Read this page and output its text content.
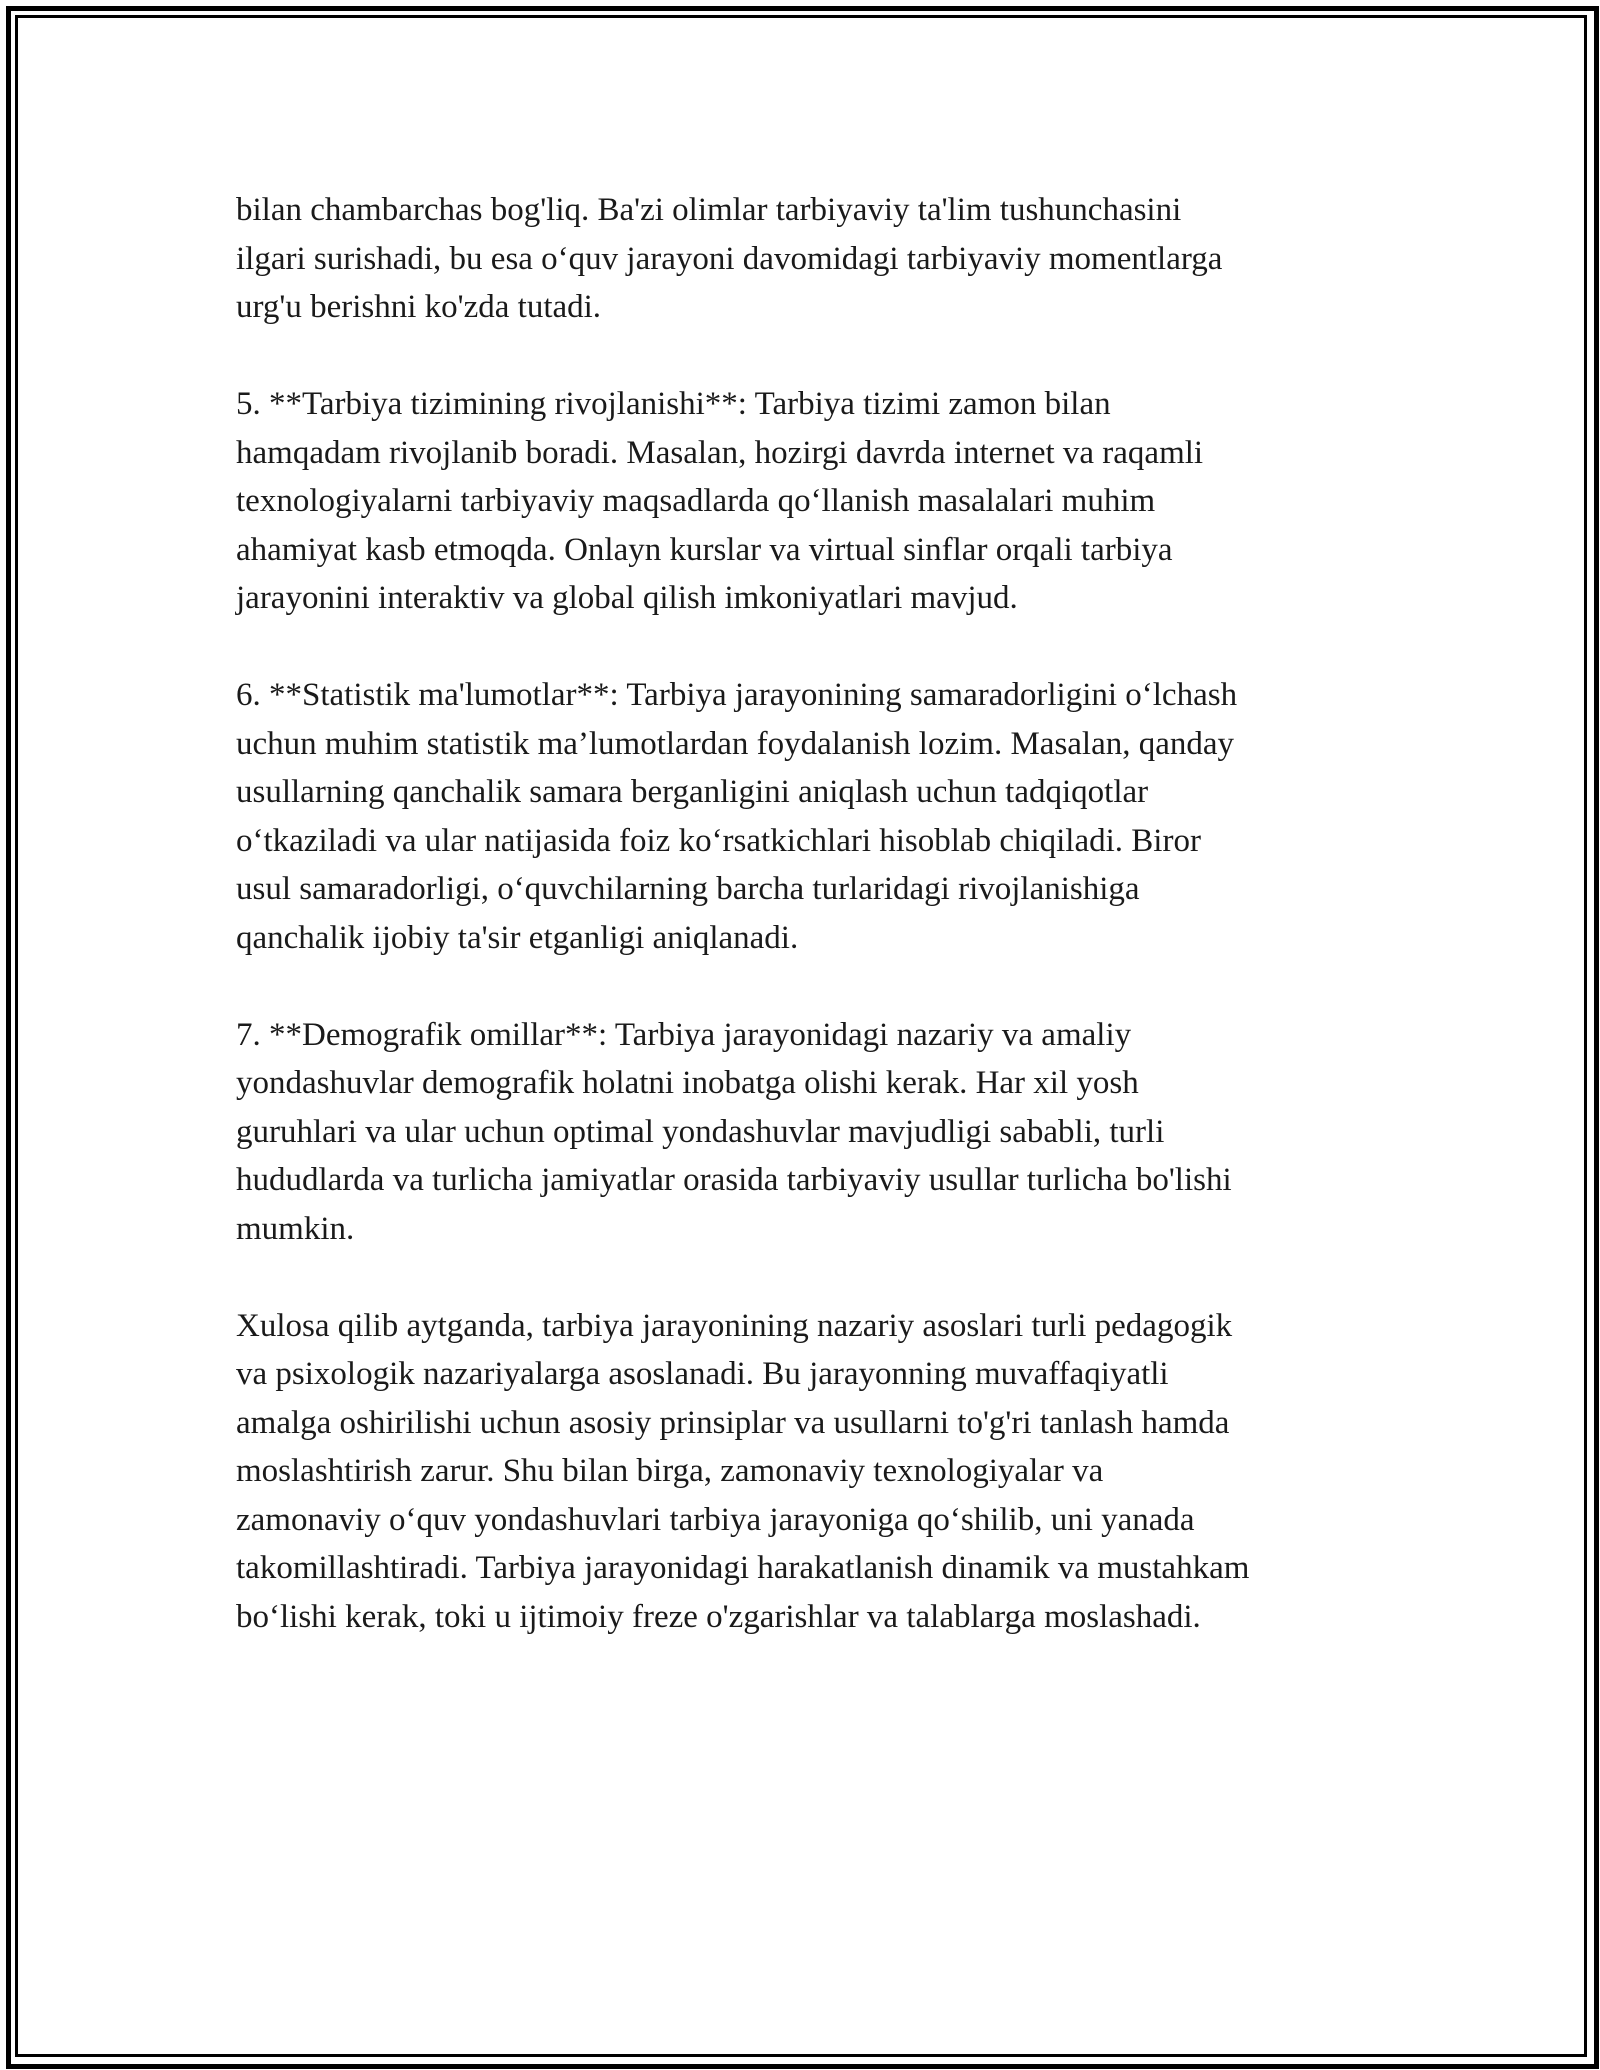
bilan chambarchas bog'liq. Ba'zi olimlar tarbiyaviy ta'lim tushunchasini
ilgari surishadi, bu esa o‘quv jarayoni davomidagi tarbiyaviy momentlarga
urg'u berishni ko'zda tutadi.

5. **Tarbiya tizimining rivojlanishi**: Tarbiya tizimi zamon bilan
hamqadam rivojlanib boradi. Masalan, hozirgi davrda internet va raqamli
texnologiyalarni tarbiyaviy maqsadlarda qo‘llanish masalalari muhim
ahamiyat kasb etmoqda. Onlayn kurslar va virtual sinflar orqali tarbiya
jarayonini interaktiv va global qilish imkoniyatlari mavjud.

6. **Statistik ma'lumotlar**: Tarbiya jarayonining samaradorligini o‘lchash
uchun muhim statistik ma’lumotlardan foydalanish lozim. Masalan, qanday
usullarning qanchalik samara berganligini aniqlash uchun tadqiqotlar
o‘tkaziladi va ular natijasida foiz ko‘rsatkichlari hisoblab chiqiladi. Biror
usul samaradorligi, o‘quvchilarning barcha turlaridagi rivojlanishiga
qanchalik ijobiy ta'sir etganligi aniqlanadi.

7. **Demografik omillar**: Tarbiya jarayonidagi nazariy va amaliy
yondashuvlar demografik holatni inobatga olishi kerak. Har xil yosh
guruhlari va ular uchun optimal yondashuvlar mavjudligi sababli, turli
hududlarda va turlicha jamiyatlar orasida tarbiyaviy usullar turlicha bo'lishi
mumkin.

Xulosa qilib aytganda, tarbiya jarayonining nazariy asoslari turli pedagogik
va psixologik nazariyalarga asoslanadi. Bu jarayonning muvaffaqiyatli
amalga oshirilishi uchun asosiy prinsiplar va usullarni to'g'ri tanlash hamda
moslashtirish zarur. Shu bilan birga, zamonaviy texnologiyalar va
zamonaviy o‘quv yondashuvlari tarbiya jarayoniga qo‘shilib, uni yanada
takomillashtiradi. Tarbiya jarayonidagi harakatlanish dinamik va mustahkam
bo‘lishi kerak, toki u ijtimoiy freze o'zgarishlar va talablarga moslashadi.
